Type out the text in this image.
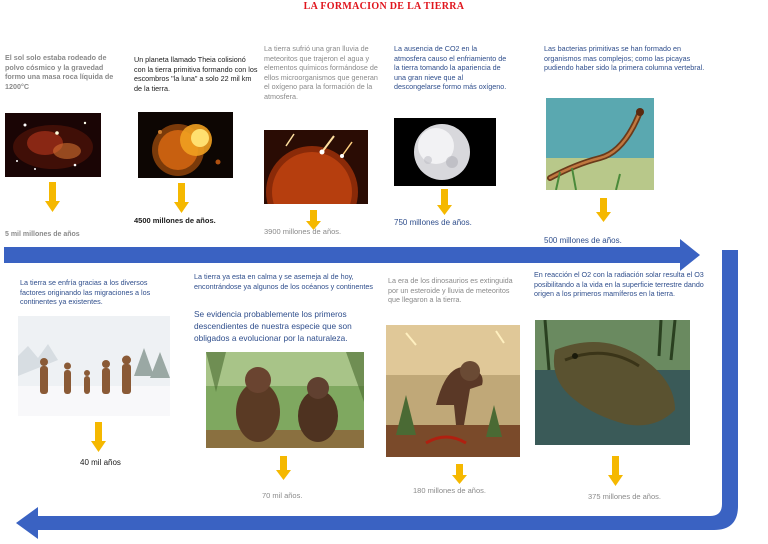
LA FORMACION DE LA TIERRA
El sol solo estaba rodeado de polvo cósmico y la gravedad formo una masa roca líquida de 1200°C
5 mil millones de años
Un planeta llamado Theia colisionó con la tierra primitiva formando con los escombros "la luna" a solo 22 mil km de la tierra.
4500 millones de años.
La tierra sufrió una gran lluvia de meteoritos que trajeron el agua y elementos químicos formándose de ellos microorganismos que generan el oxígeno para la formación de la atmosfera.
3900 millones de años.
La ausencia de CO2 en la atmosfera causo el enfriamiento de la tierra tomando la apariencia de una gran nieve que al descongelarse formo más oxígeno.
750 millones de años.
Las bacterias primitivas se han formado en organismos mas complejos; como las picayas pudiendo haber sido la primera columna vertebral.
500 millones de años.
La tierra se enfría gracias a los diversos factores originando las migraciones a los continentes ya existentes.
40 mil años
La tierra ya esta en calma y se asemeja al de hoy, encontrándose ya algunos de los océanos y continentes
Se evidencia probablemente los primeros descendientes de nuestra especie que son obligados a evolucionar por la naturaleza.
70 mil años.
La era de los dinosaurios es extinguida por un esteroide y lluvia de meteoritos que llegaron a la tierra.
180 millones de años.
En reacción el O2 con la radiación solar resulta el O3 posibilitando a la vida en la superficie terrestre dando origen a los primeros mamíferos en la tierra.
375 millones de años.
